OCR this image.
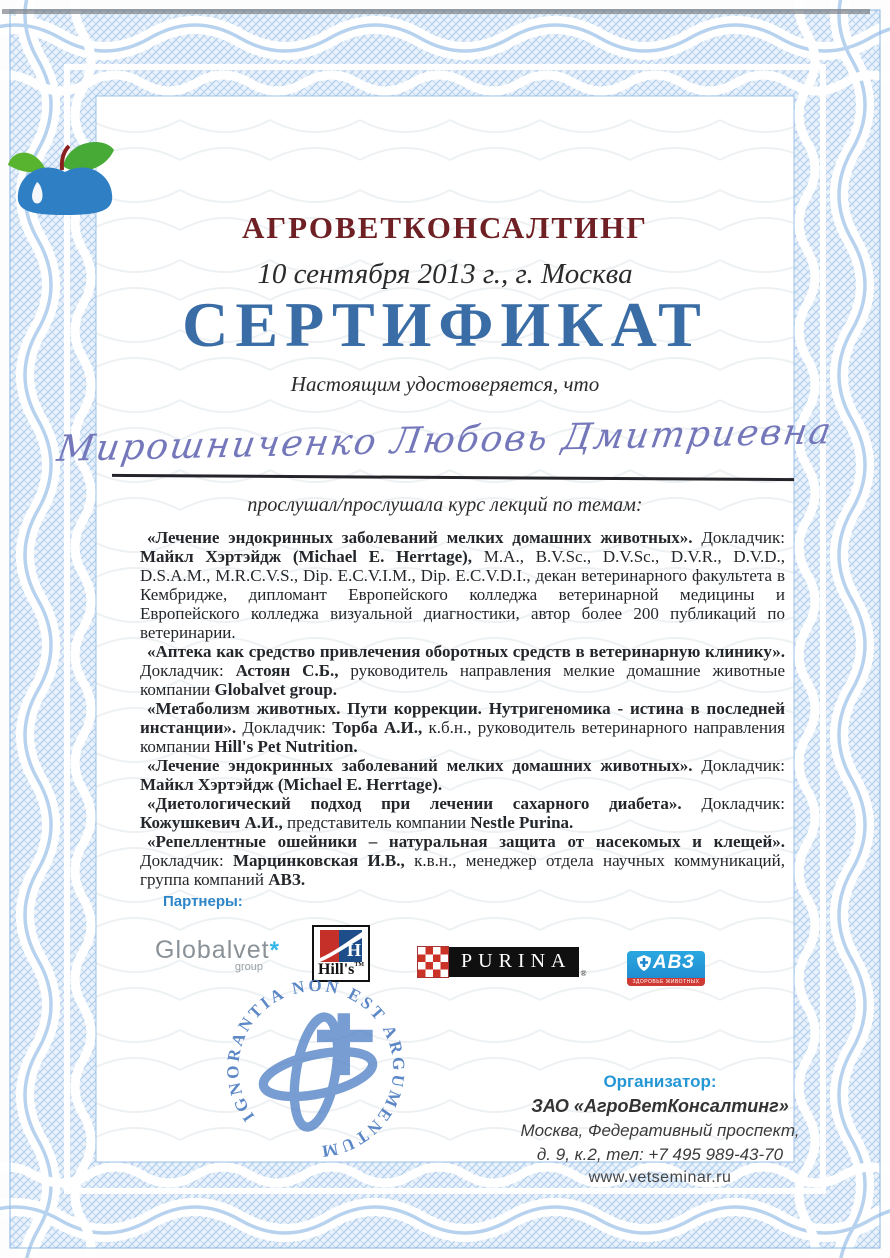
АГРОВЕТКОНСАЛТИНГ
10 сентября 2013 г., г. Москва
СЕРТИФИКАТ
Настоящим удостоверяется, что
Мирошниченко Любовь Дмитриевна
прослушал/прослушала курс лекций по темам:

«Лечение эндокринных заболеваний мелких домашних животных». Докладчик: Майкл Хэртэйдж (Michael E. Herrtage), M.A., B.V.Sc., D.V.Sc., D.V.R., D.V.D., D.S.A.M., M.R.C.V.S., Dip. E.C.V.I.M., Dip. E.C.V.D.I., декан ветеринарного факультета в Кембридже, дипломант Европейского колледжа ветеринарной медицины и Европейского колледжа визуальной диагностики, автор более 200 публикаций по ветеринарии.

«Аптека как средство привлечения оборотных средств в ветеринарную клинику». Докладчик: Астоян С.Б., руководитель направления мелкие домашние животные компании Globalvet group.

«Метаболизм животных. Пути коррекции. Нутригеномика - истина в последней инстанции». Докладчик: Торба А.И., к.б.н., руководитель ветеринарного направления компании Hill's Pet Nutrition.

«Лечение эндокринных заболеваний мелких домашних животных». Докладчик: Майкл Хэртэйдж (Michael E. Herrtage).

«Диетологический подход при лечении сахарного диабета». Докладчик: Кожушкевич А.И., представитель компании Nestle Purina.

«Репеллентные ошейники – натуральная защита от насекомых и клещей». Докладчик: Марцинковская И.В., к.в.н., менеджер отдела научных коммуникаций, группа компаний АВЗ.

Партнеры:
Globalvet*
group
H
Hill's™	PURINA
®
АВЗ
ЗДОРОВЬЕ ЖИВОТНЫХ
IGNORANTIA NON EST ARGUMENTUM
Организатор:
ЗАО «АгроВетКонсалтинг»
Москва, Федеративный проспект,
д. 9, к.2, тел: +7 495 989-43-70
www.vetseminar.ru
